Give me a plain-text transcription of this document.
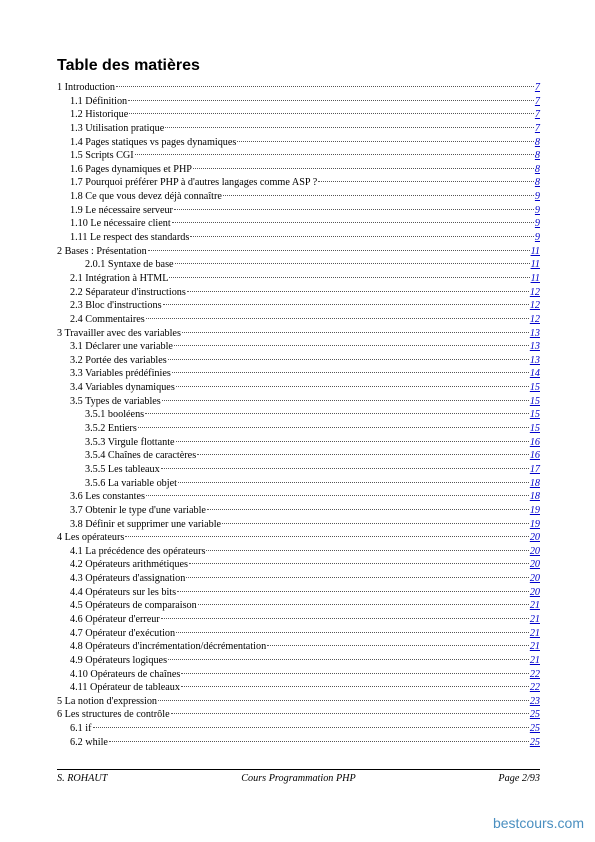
Table des matières
1 Introduction	7
1.1 Définition	7
1.2 Historique	7
1.3 Utilisation pratique	7
1.4 Pages statiques vs pages dynamiques	8
1.5 Scripts CGI	8
1.6 Pages dynamiques et PHP	8
1.7 Pourquoi préférer PHP à d'autres langages comme ASP ?	8
1.8 Ce que vous devez déjà connaître	9
1.9 Le nécessaire serveur	9
1.10 Le nécessaire client	9
1.11 Le respect des standards	9
2 Bases : Présentation	11
2.0.1 Syntaxe de base	11
2.1 Intégration à HTML	11
2.2 Séparateur d'instructions	12
2.3 Bloc d'instructions	12
2.4 Commentaires	12
3 Travailler avec des variables	13
3.1 Déclarer une variable	13
3.2 Portée des variables	13
3.3 Variables prédéfinies	14
3.4 Variables dynamiques	15
3.5 Types de variables	15
3.5.1 booléens	15
3.5.2 Entiers	15
3.5.3 Virgule flottante	16
3.5.4 Chaînes de caractères	16
3.5.5 Les tableaux	17
3.5.6 La variable objet	18
3.6 Les constantes	18
3.7 Obtenir le type d'une variable	19
3.8 Définir et supprimer une variable	19
4 Les opérateurs	20
4.1 La précédence des opérateurs	20
4.2 Opérateurs arithmétiques	20
4.3 Opérateurs d'assignation	20
4.4 Opérateurs sur les bits	20
4.5 Opérateurs de comparaison	21
4.6 Opérateur d'erreur	21
4.7 Opérateur d'exécution	21
4.8 Opérateurs d'incrémentation/décrémentation	21
4.9 Opérateurs logiques	21
4.10 Opérateurs de chaînes	22
4.11 Opérateur de tableaux	22
5 La notion d'expression	23
6 Les structures de contrôle	25
6.1 if	25
6.2 while	25
S. ROHAUT	Cours Programmation PHP	Page 2/93
bestcours.com
